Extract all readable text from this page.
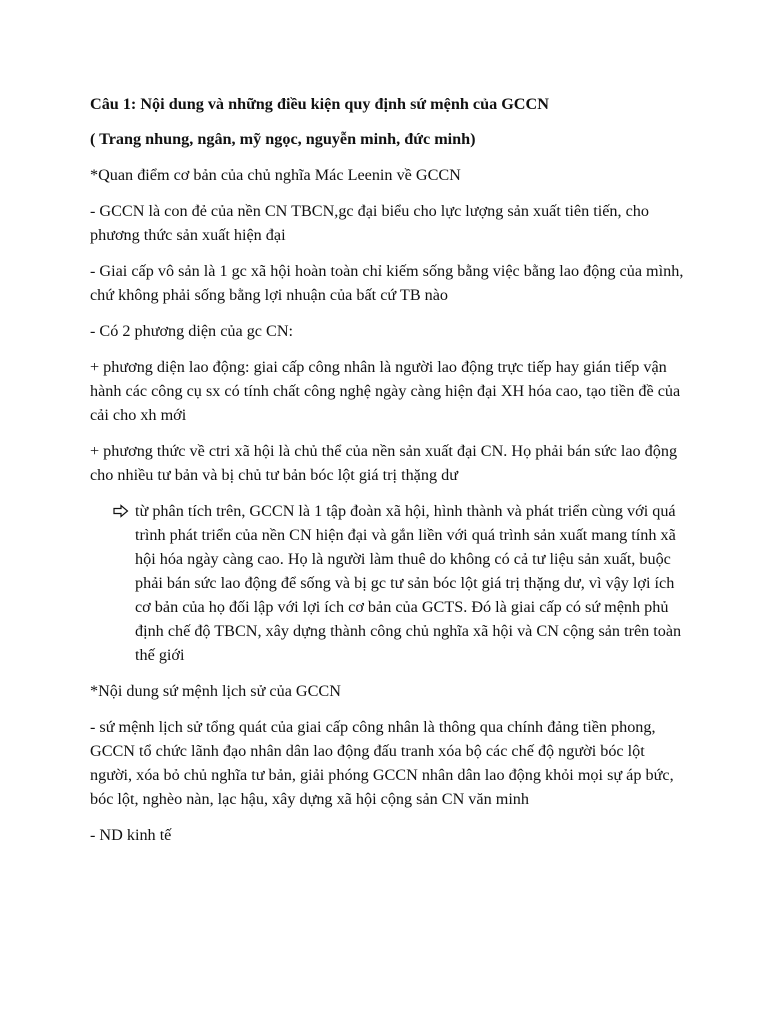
Câu 1: Nội dung và những điều kiện quy định sứ mệnh của GCCN

( Trang nhung, ngân, mỹ ngọc, nguyễn minh, đức minh)

*Quan điểm cơ bản của chủ nghĩa Mác Leenin về GCCN

- GCCN là con đẻ của nền CN TBCN,gc đại biểu cho lực lượng sản xuất tiên tiến, cho phương thức sản xuất hiện đại

- Giai cấp vô sản là 1 gc xã hội hoàn toàn chỉ kiếm sống bằng việc bằng lao động của mình, chứ không phải sống bằng lợi nhuận của bất cứ TB nào

- Có 2 phương diện của gc CN:

+ phương diện lao động: giai cấp công nhân là người lao động trực tiếp hay gián tiếp vận hành các công cụ sx có tính chất công nghệ ngày càng hiện đại XH hóa cao, tạo tiền đề của cải cho xh mới

+ phương thức về ctri xã hội là chủ thể của nền sản xuất đại CN. Họ phải bán sức lao động cho nhiều tư bản và bị chủ tư bản bóc lột giá trị thặng dư

từ phân tích trên, GCCN là 1 tập đoàn xã hội, hình thành và phát triển cùng với quá trình phát triển của nền CN hiện đại và gắn liền với quá trình sản xuất mang tính xã hội hóa ngày càng cao. Họ là người làm thuê do không có cả tư liệu sản xuất, buộc phải bán sức lao động để sống và bị gc tư sản bóc lột giá trị thặng dư, vì vậy lợi ích cơ bản của họ đối lập với lợi ích cơ bản của GCTS. Đó là giai cấp có sứ mệnh phủ định chế độ TBCN, xây dựng thành công chủ nghĩa xã hội và CN cộng sản trên toàn thế giới

*Nội dung sứ mệnh lịch sử của GCCN

- sứ mệnh lịch sử tổng quát của giai cấp công nhân là thông qua chính đảng tiền phong, GCCN tổ chức lãnh đạo nhân dân lao động đấu tranh xóa bộ các chế độ người bóc lột người, xóa bỏ chủ nghĩa tư bản, giải phóng GCCN nhân dân lao động khỏi mọi sự áp bức, bóc lột, nghèo nàn, lạc hậu, xây dựng xã hội cộng sản CN văn minh

- ND kinh tế
